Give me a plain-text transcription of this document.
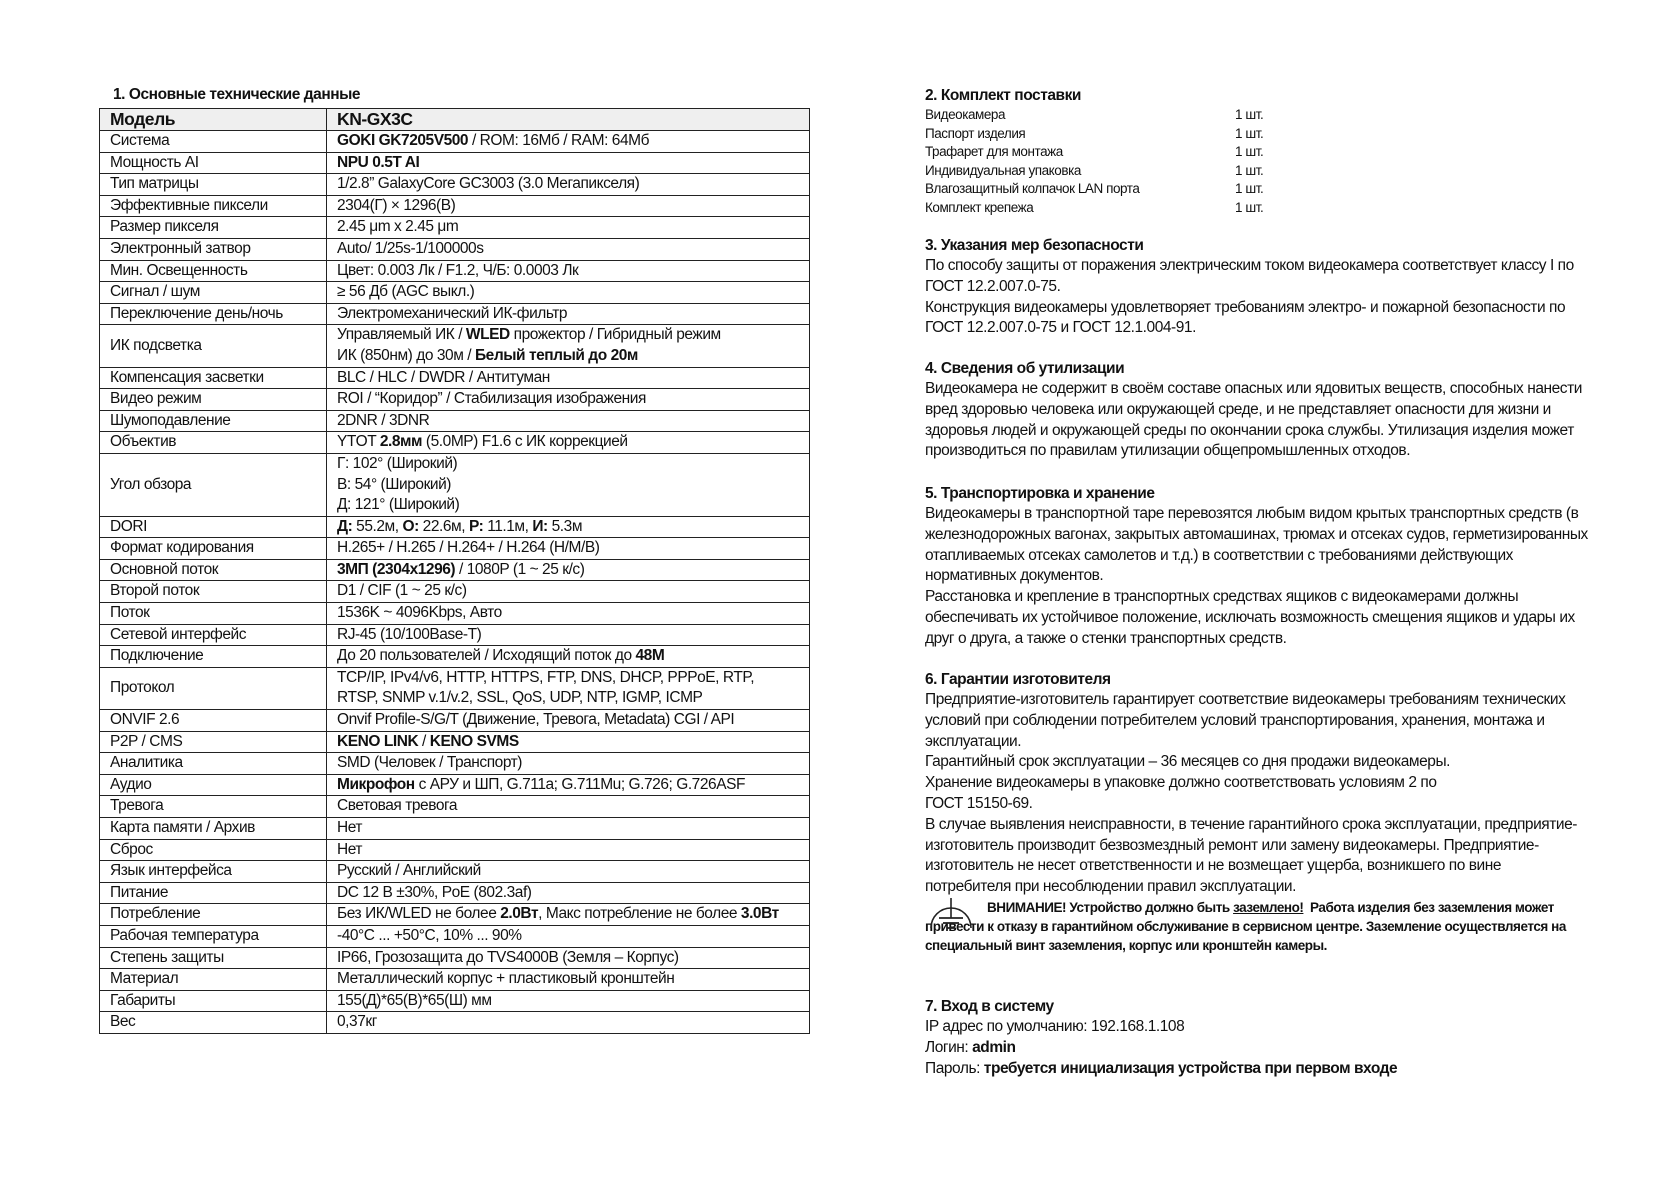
1. Основные технические данные
Модель	KN-GX3C
Система	GOKI GK7205V500 / ROM: 16Мб / RAM: 64Мб

Мощность AI	NPU 0.5T AI

Тип матрицы	1/2.8” GalaxyCore GC3003 (3.0 Мегапикселя)

Эффективные пиксели	2304(Г) × 1296(В)

Размер пикселя	2.45 μm x 2.45 μm

Электронный затвор	Auto/ 1/25s-1/100000s

Мин. Освещенность	Цвет: 0.003 Лк / F1.2, Ч/Б: 0.0003 Лк

Сигнал / шум	≥ 56 Дб (AGC выкл.)

Переключение день/ночь	Электромеханический ИК-фильтр

ИК подсветка	Управляемый ИК / WLED прожектор / Гибридный режим
ИК (850нм) до 30м / Белый теплый до 20м

Компенсация засветки	BLC / HLC / DWDR / Антитуман

Видео режим	ROI / “Коридор” / Стабилизация изображения

Шумоподавление	2DNR / 3DNR

Объектив	YTOT 2.8мм (5.0MP) F1.6 с ИК коррекцией

Угол обзора	Г: 102° (Широкий)
В: 54° (Широкий)
Д: 121° (Широкий)

DORI	Д: 55.2м, О: 22.6м, Р: 11.1м, И: 5.3м

Формат кодирования	H.265+ / H.265 / H.264+ / H.264 (H/M/B)

Основной поток	3МП (2304x1296) / 1080P (1 ~ 25 к/с)

Второй поток	D1 / CIF (1 ~ 25 к/с)

Поток	1536K ~ 4096Kbps, Авто

Сетевой интерфейс	RJ-45 (10/100Base-T)

Подключение	До 20 пользователей / Исходящий поток до 48М

Протокол	TCP/IP, IPv4/v6, HTTP, HTTPS, FTP, DNS, DHCP, PPPoE, RTP,
RTSP, SNMP v.1/v.2, SSL, QoS, UDP, NTP, IGMP, ICMP

ONVIF 2.6	Onvif Profile-S/G/T (Движение, Тревога, Metadata) CGI / API

P2P / CMS	KENO LINK / KENO SVMS

Аналитика	SMD (Человек / Транспорт)

Аудио	Микрофон с АРУ и ШП, G.711a; G.711Mu; G.726; G.726ASF

Тревога	Световая тревога

Карта памяти / Архив	Нет

Сброс	Нет

Язык интерфейса	Русский / Английский

Питание	DC 12 В ±30%, PoE (802.3af)

Потребление	Без ИК/WLED не более 2.0Вт, Макс потребление не более 3.0Вт

Рабочая температура	-40°C ... +50°C, 10% ... 90%

Степень защиты	IP66, Грозозащита до TVS4000В (Земля – Корпус)

Материал	Металлический корпус + пластиковый кронштейн

Габариты	155(Д)*65(В)*65(Ш) мм

Вес	0,37кг
2. Комплект поставки
Видеокамера	1 шт.
Паспорт изделия	1 шт.
Трафарет для монтажа	1 шт.
Индивидуальная упаковка	1 шт.
Влагозащитный колпачок LAN порта	1 шт.
Комплект крепежа	1 шт.
3. Указания мер безопасности
По способу защиты от поражения электрическим током видеокамера соответствует классу I по
ГОСТ 12.2.007.0-75.
Конструкция видеокамеры удовлетворяет требованиям электро- и пожарной безопасности по
ГОСТ 12.2.007.0-75 и ГОСТ 12.1.004-91.
4. Сведения об утилизации
Видеокамера не содержит в своём составе опасных или ядовитых веществ, способных нанести
вред здоровью человека или окружающей среде, и не представляет опасности для жизни и
здоровья людей и окружающей среды по окончании срока службы. Утилизация изделия может
производиться по правилам утилизации общепромышленных отходов.
5. Транспортировка и хранение
Видеокамеры в транспортной таре перевозятся любым видом крытых транспортных средств (в
железнодорожных вагонах, закрытых автомашинах, трюмах и отсеках судов, герметизированных
отапливаемых отсеках самолетов и т.д.) в соответствии с требованиями действующих
нормативных документов.
Расстановка и крепление в транспортных средствах ящиков с видеокамерами должны
обеспечивать их устойчивое положение, исключать возможность смещения ящиков и удары их
друг о друга, а также о стенки транспортных средств.
6. Гарантии изготовителя
Предприятие-изготовитель гарантирует соответствие видеокамеры требованиям технических
условий при соблюдении потребителем условий транспортирования, хранения, монтажа и
эксплуатации.
Гарантийный срок эксплуатации – 36 месяцев со дня продажи видеокамеры.
Хранение видеокамеры в упаковке должно соответствовать условиям 2 по
ГОСТ 15150-69.
В случае выявления неисправности, в течение гарантийного срока эксплуатации, предприятие-
изготовитель производит безвозмездный ремонт или замену видеокамеры. Предприятие-
изготовитель не несет ответственности и не возмещает ущерба, возникшего по вине
потребителя при несоблюдении правил эксплуатации.
ВНИМАНИЕ! Устройство должно быть заземлено!  Работа изделия без заземления может
привести к отказу в гарантийном обслуживание в сервисном центре. Заземление осуществляется на
специальный винт заземления, корпус или кронштейн камеры.
7. Вход в систему
IP адрес по умолчанию: 192.168.1.108
Логин: admin
Пароль: требуется инициализация устройства при первом входе
